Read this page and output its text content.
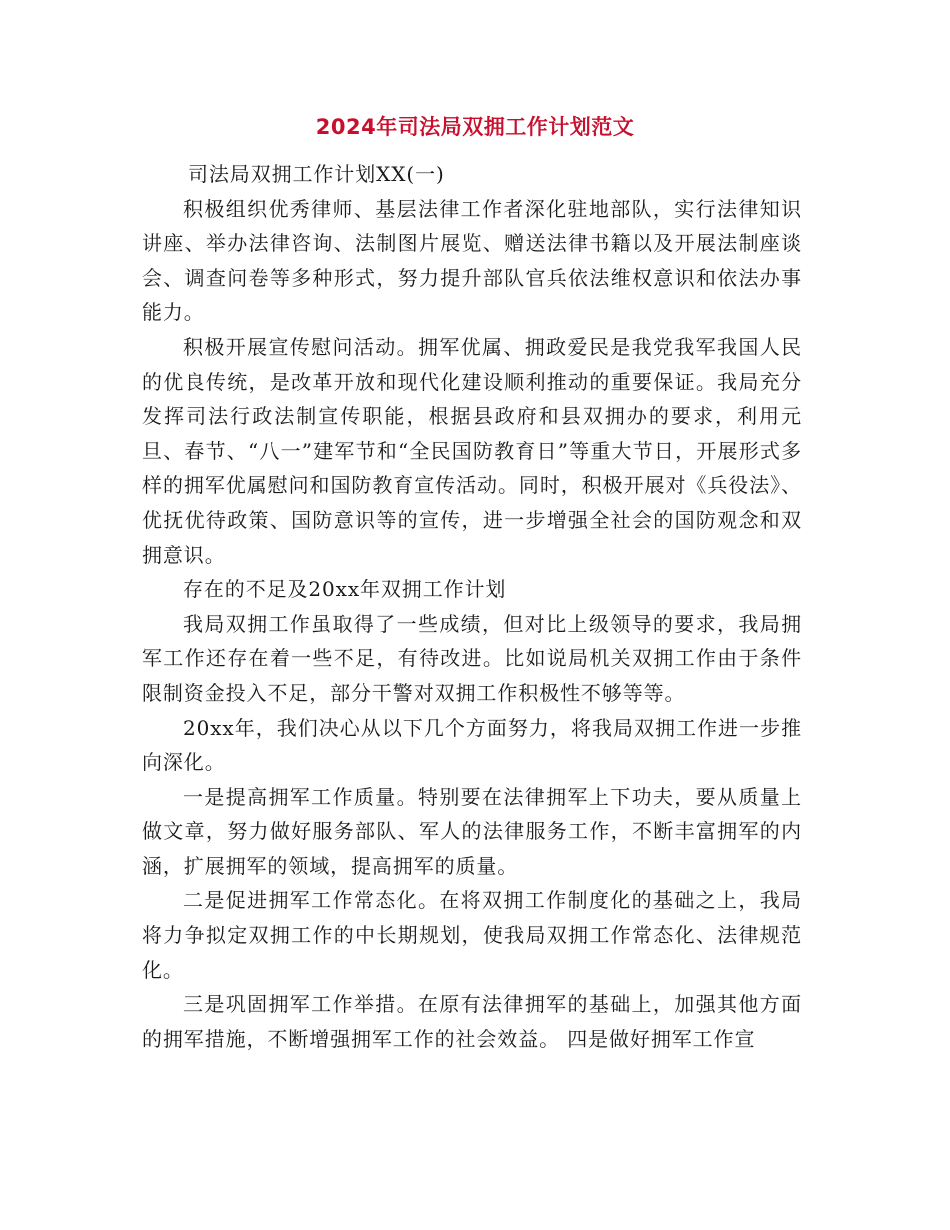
2024年司法局双拥工作计划范文

司法局双拥工作计划XX(一)

积极组织优秀律师、基层法律工作者深化驻地部队，实行法律知识讲座、举办法律咨询、法制图片展览、赠送法律书籍以及开展法制座谈会、调查问卷等多种形式，努力提升部队官兵依法维权意识和依法办事能力。

积极开展宣传慰问活动。拥军优属、拥政爱民是我党我军我国人民的优良传统，是改革开放和现代化建设顺利推动的重要保证。我局充分发挥司法行政法制宣传职能，根据县政府和县双拥办的要求，利用元旦、春节、“八一”建军节和“全民国防教育日”等重大节日，开展形式多样的拥军优属慰问和国防教育宣传活动。同时，积极开展对《兵役法》、优抚优待政策、国防意识等的宣传，进一步增强全社会的国防观念和双拥意识。

存在的不足及20xx年双拥工作计划

我局双拥工作虽取得了一些成绩，但对比上级领导的要求，我局拥军工作还存在着一些不足，有待改进。比如说局机关双拥工作由于条件限制资金投入不足，部分干警对双拥工作积极性不够等等。

20xx年，我们决心从以下几个方面努力，将我局双拥工作进一步推向深化。

一是提高拥军工作质量。特别要在法律拥军上下功夫，要从质量上做文章，努力做好服务部队、军人的法律服务工作，不断丰富拥军的内涵，扩展拥军的领域，提高拥军的质量。

二是促进拥军工作常态化。在将双拥工作制度化的基础之上，我局将力争拟定双拥工作的中长期规划，使我局双拥工作常态化、法律规范化。

三是巩固拥军工作举措。在原有法律拥军的基础上，加强其他方面的拥军措施，不断增强拥军工作的社会效益。 四是做好拥军工作宣
